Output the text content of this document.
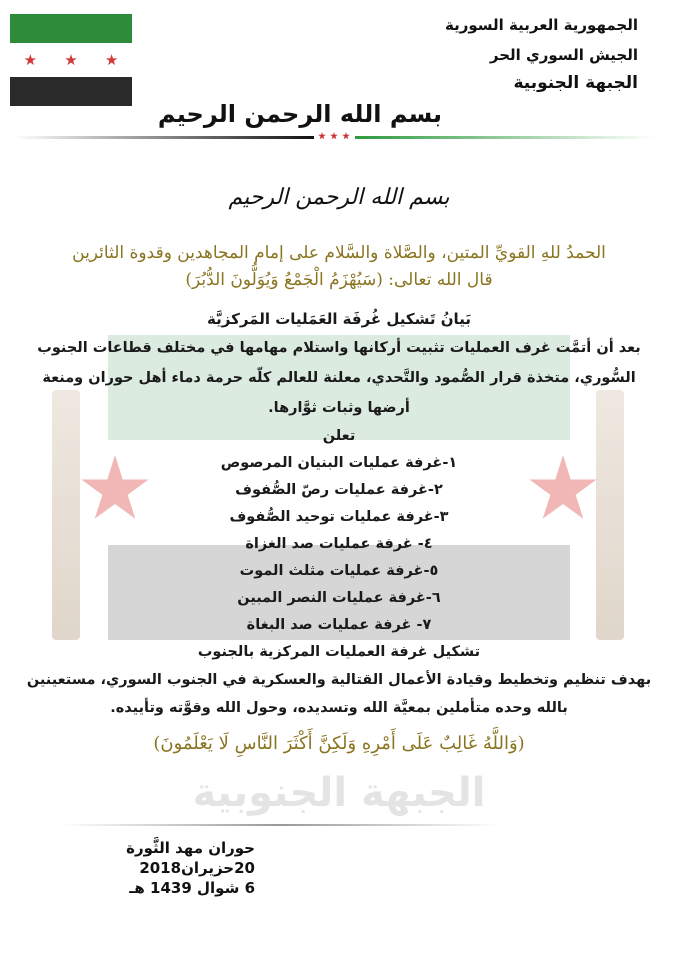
★ ★ ★
الجمهورية العربية السورية
الجيش السوري الحر
الجبهة الجنوبية
بسم الله الرحمن الرحيم
بسم الله الرحمن الرحيم
الحمدُ للهِ القويِّ المتين، والصَّلاة والسَّلام على إمام المجاهدين وقدوة الثائرين
قال الله تعالى: (سَيُهْزَمُ الْجَمْعُ وَيُوَلُّونَ الدُّبُرَ)
بَيانُ تَشكيل غُرفَة العَمَليات المَركزيَّة
بعد أن أتمَّت غرف العمليات تثبيت أركانها واستلام مهامها في مختلف قطاعات الجنوب
السُّوري، متخذة قرار الصُّمود والتَّحدي، معلنة للعالم كلّه حرمة دماء أهل حوران ومنعة
أرضها وثبات ثوَّارها.
تعلن
١-غرفة عمليات البنيان المرصوص
٢-غرفة عمليات رصّ الصُّفوف
٣-غرفة عمليات توحيد الصُّفوف
٤- غرفة عمليات صد الغزاة
٥-غرفة عمليات مثلث الموت
٦-غرفة عمليات النصر المبين
٧- غرفة عمليات صد البغاة
تشكيل غرفة العمليات المركزية بالجنوب
بهدف تنظيم وتخطيط وقيادة الأعمال القتالية والعسكرية في الجنوب السوري، مستعينين
بالله وحده متأملين بمعيَّة الله وتسديده، وحول الله وقوَّته وتأييده.
(وَاللَّهُ غَالِبٌ عَلَى أَمْرِهِ وَلَكِنَّ أَكْثَرَ النَّاسِ لَا يَعْلَمُونَ)
الجبهة الجنوبية
حوران مهد الثَّورة
20حزيران2018
6 شوال 1439 هـ
